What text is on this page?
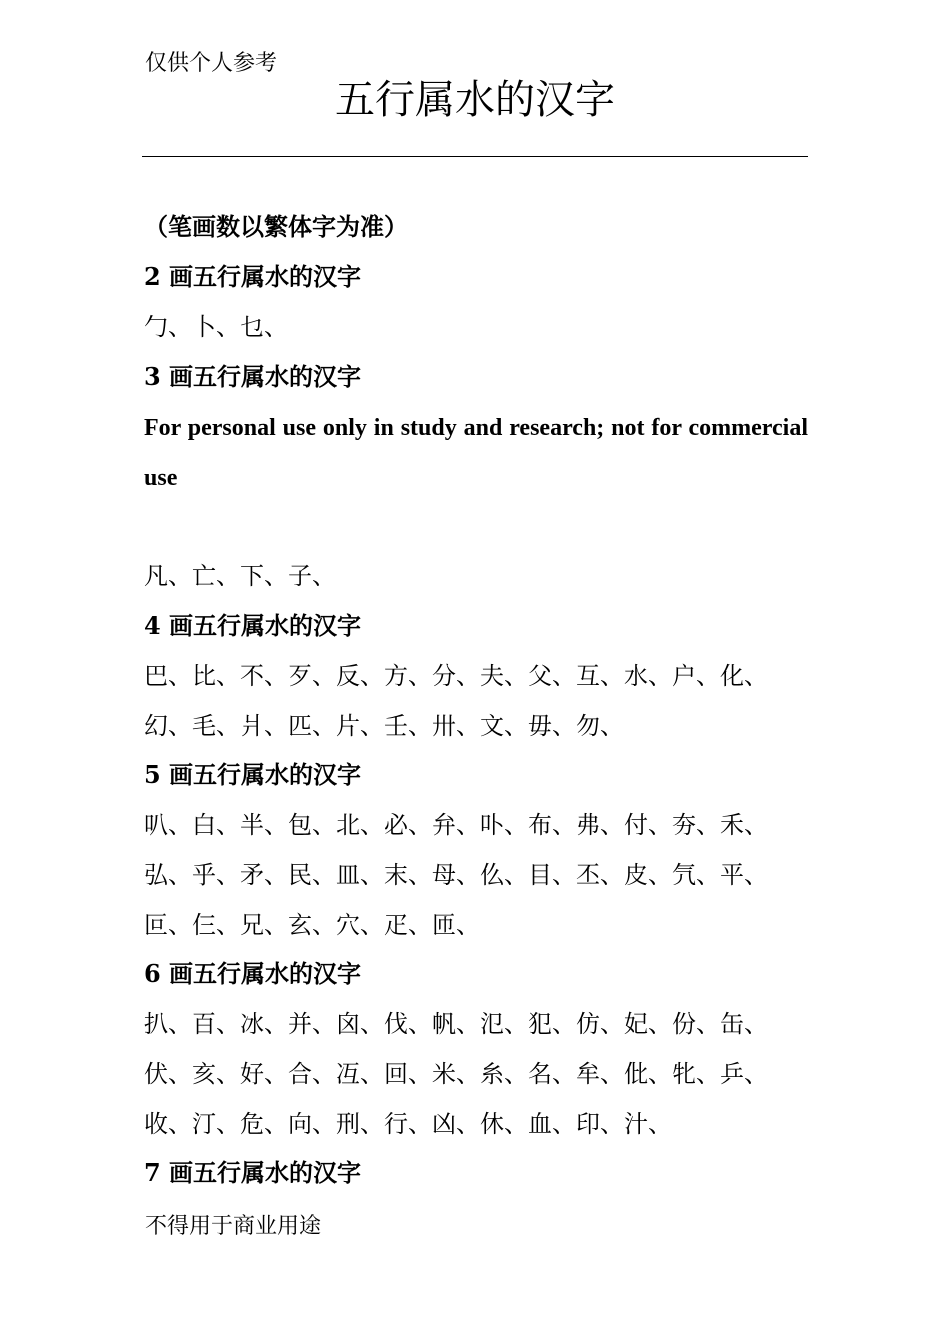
仅供个人参考
五行属水的汉字
（笔画数以繁体字为准）
2 画五行属水的汉字
勹、卜、乜、
3 画五行属水的汉字
For personal use only in study and research; not for commercial use
凡、亡、下、子、
4 画五行属水的汉字
巴、比、不、歹、反、方、分、夫、父、互、水、户、化、
幻、毛、爿、匹、片、壬、卅、文、毋、勿、
5 画五行属水的汉字
叭、白、半、包、北、必、弁、卟、布、弗、付、夯、禾、
弘、乎、矛、民、皿、末、母、仫、目、丕、皮、氕、平、
叵、仨、兄、玄、穴、疋、匝、
6 画五行属水的汉字
扒、百、冰、并、囟、伐、帆、氾、犯、仿、妃、份、缶、
伏、亥、好、合、冱、回、米、糸、名、牟、仳、牝、乒、
收、汀、危、向、刑、行、凶、休、血、印、汁、
7 画五行属水的汉字
不得用于商业用途
